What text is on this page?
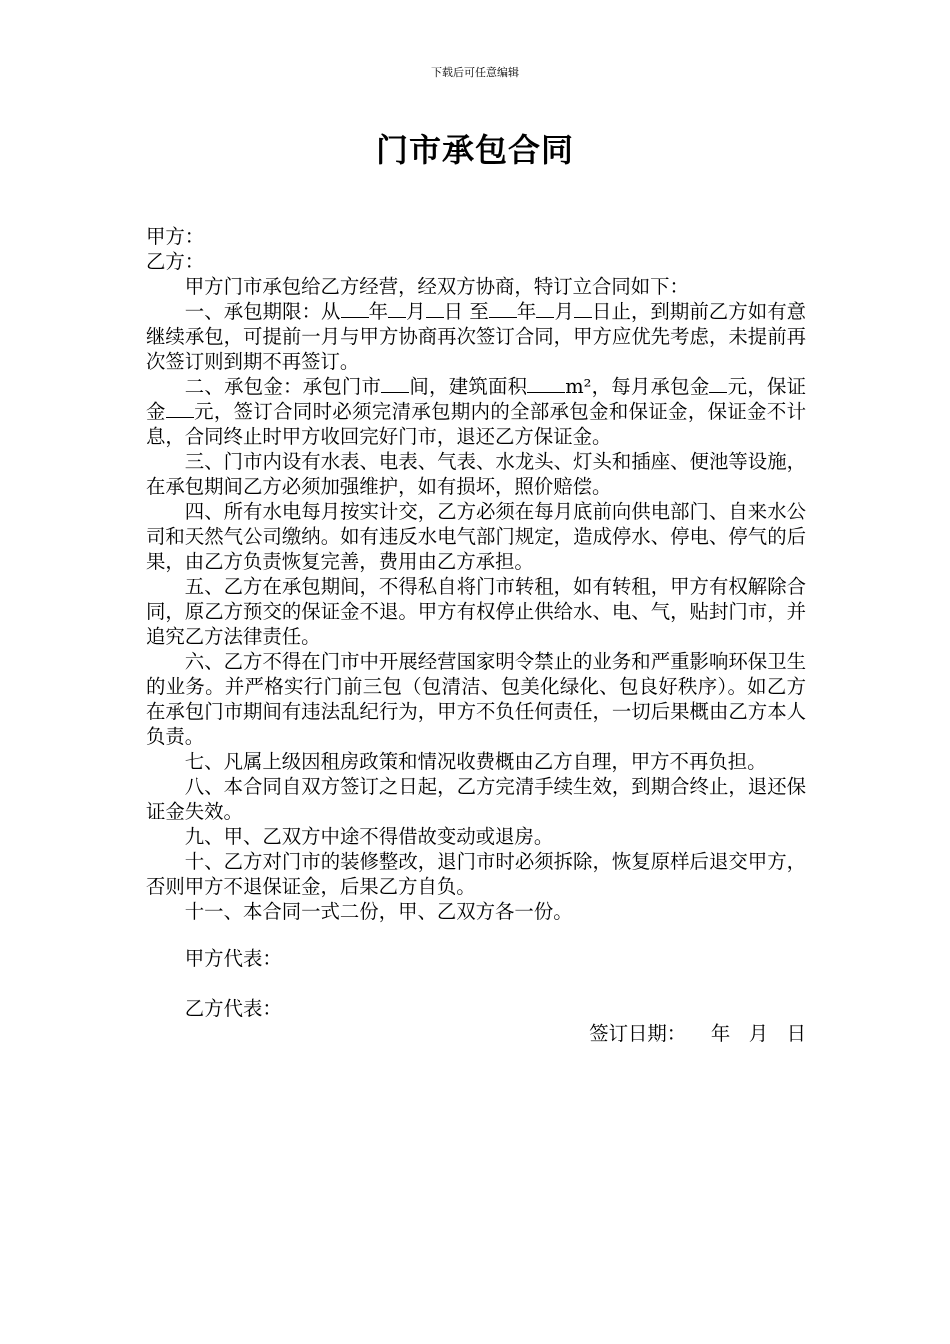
下载后可任意编辑
门市承包合同
甲方：
乙方：
甲方门市承包给乙方经营，经双方协商，特订立合同如下：
一、承包期限：从 年 月 日 至 年 月 日止，到期前乙方如有意继续承包，可提前一月与甲方协商再次签订合同，甲方应优先考虑，未提前再次签订则到期不再签订。
二、承包金：承包门市 间，建筑面积 m²，每月承包金 元，保证金 元，签订合同时必须完清承包期内的全部承包金和保证金，保证金不计息，合同终止时甲方收回完好门市，退还乙方保证金。
三、门市内设有水表、电表、气表、水龙头、灯头和插座、便池等设施，在承包期间乙方必须加强维护，如有损坏，照价赔偿。
四、所有水电每月按实计交，乙方必须在每月底前向供电部门、自来水公司和天然气公司缴纳。如有违反水电气部门规定，造成停水、停电、停气的后果，由乙方负责恢复完善，费用由乙方承担。
五、乙方在承包期间，不得私自将门市转租，如有转租，甲方有权解除合同，原乙方预交的保证金不退。甲方有权停止供给水、电、气，贴封门市，并追究乙方法律责任。
六、乙方不得在门市中开展经营国家明令禁止的业务和严重影响环保卫生的业务。并严格实行门前三包（包清洁、包美化绿化、包良好秩序）。如乙方在承包门市期间有违法乱纪行为，甲方不负任何责任，一切后果概由乙方本人负责。
七、凡属上级因租房政策和情况收费概由乙方自理，甲方不再负担。
八、本合同自双方签订之日起，乙方完清手续生效，到期合终止，退还保证金失效。
九、甲、乙双方中途不得借故变动或退房。
十、乙方对门市的装修整改，退门市时必须拆除，恢复原样后退交甲方，否则甲方不退保证金，后果乙方自负。
十一、本合同一式二份，甲、乙双方各一份。
甲方代表：
乙方代表：
签订日期：    年   月   日
